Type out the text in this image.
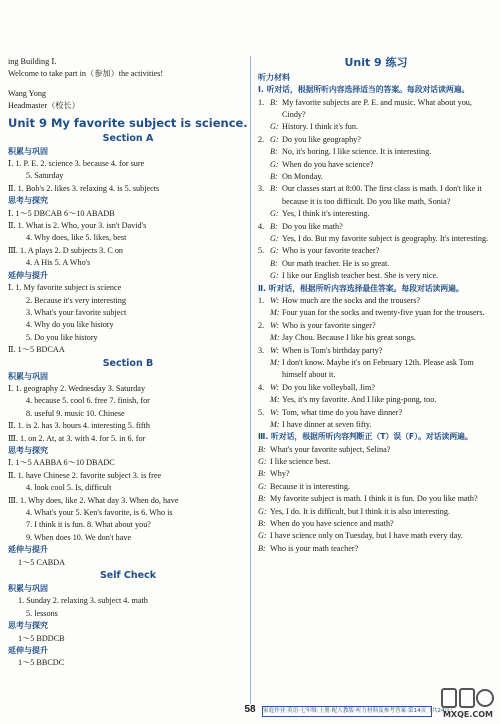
ing Building Ⅰ.
Welcome to take part in（参加）the activities!
Wang Yong
Headmaster（校长）
Unit 9 My favorite subject is science.
Section A
积累与巩固
Ⅰ. 1. P. E. 2. science 3. because 4. for sure
5. Saturday
Ⅱ. 1. Bob's 2. likes 3. relaxing 4. is 5. subjects
思考与探究
Ⅰ. 1～5 DBCAB 6～10 ABADB
Ⅱ. 1. What is 2. Who, your 3. isn't David's
4. Why does, like 5. likes, best
Ⅲ. 1. A plays 2. D subjects 3. C on
4. A His 5. A Who's
延伸与提升
Ⅰ. 1. My favorite subject is science
2. Because it's very interesting
3. What's your favorite subject
4. Why do you like history
5. Do you like history
Ⅱ. 1～5 BDCAA
Section B
积累与巩固
Ⅰ. 1. geography 2. Wednesday 3. Saturday
4. because 5. cool 6. free 7. finish, for
8. useful 9. music 10. Chinese
Ⅱ. 1. is 2. has 3. hours 4. interesting 5. fifth
Ⅲ. 1. on 2. At, at 3. with 4. for 5. in 6. for
思考与探究
Ⅰ. 1～5 AABBA 6～10 DBADC
Ⅱ. 1. have Chinese 2. favorite subject 3. is free
4. look cool 5. Is, difficult
Ⅲ. 1. Why does, like 2. What day 3. When do, have
4. What's your 5. Ken's favorite, is 6. Who is
7. I think it is fun. 8. What about you?
9. When does 10. We don't have
延伸与提升
1～5 CABDA
Self Check
积累与巩固
1. Sunday 2. relaxing 3. subject 4. math
5. lessons
思考与探究
1～5 BDDCB
延伸与提升
1～5 BBCDC
Unit 9 练习
听力材料
Ⅰ. 听对话，根据所听内容选择适当的答案。每段对话读两遍。
1. B: My favorite subjects are P. E. and music. What about you, Cindy?
G: History. I think it's fun.
2. G: Do you like geography?
B: No, it's boring. I like science. It is interesting.
G: When do you have science?
B: On Monday.
3. B: Our classes start at 8:00. The first class is math. I don't like it because it is too difficult. Do you like math, Sonia?
G: Yes, I think it's interesting.
4. B: Do you like math?
G: Yes, I do. But my favorite subject is geography. It's interesting.
5. G: Who is your favorite teacher?
B: Our math teacher. He is so great.
G: I like our English teacher best. She is very nice.
Ⅱ. 听对话，根据所听内容选择最佳答案。每段对话读两遍。
1. W: How much are the socks and the trousers?
M: Four yuan for the socks and twenty-five yuan for the trousers.
2. W: Who is your favorite singer?
M: Jay Chou. Because I like his great songs.
3. W: When is Tom's birthday party?
M: I don't know. Maybe it's on February 12th. Please ask Tom himself about it.
4. W: Do you like volleyball, Jim?
M: Yes, it's my favorite. And I like ping-pong, too.
5. W: Tom, what time do you have dinner?
M: I have dinner at seven fifty.
Ⅲ. 听对话，根据所听内容判断正（T）误（F）。对话读两遍。
B: What's your favorite subject, Selina?
G: I like science best.
B: Why?
G: Because it is interesting.
B: My favorite subject is math. I think it is fun. Do you like math?
G: Yes, I do. It is difficult, but I think it is also interesting.
B: When do you have science and math?
G: I have science only on Tuesday, but I have math every day.
B: Who is your math teacher?
58	家庭作业·英语·七年级·上册·配人教版·听力材料及参考答案·第14页（共24页）
MXQE.COM
